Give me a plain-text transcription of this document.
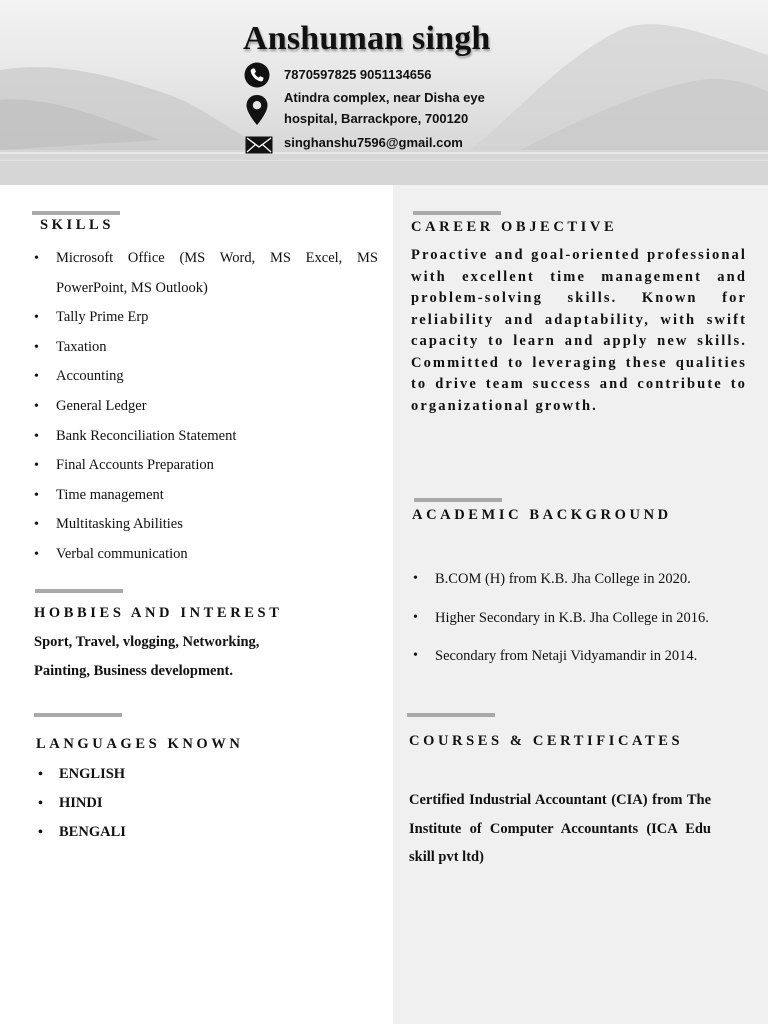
Anshuman singh
7870597825 9051134656
Atindra complex, near Disha eye
hospital, Barrackpore, 700120
singhanshu7596@gmail.com
SKILLS
• Microsoft Office (MS Word, MS Excel, MS PowerPoint, MS Outlook)
• Tally Prime Erp
• Taxation
• Accounting
• General Ledger
• Bank Reconciliation Statement
• Final Accounts Preparation
• Time management
• Multitasking Abilities
• Verbal communication
HOBBIES AND INTEREST
Sport, Travel, vlogging, Networking, Painting, Business development.
LANGUAGES KNOWN
• ENGLISH
• HINDI
• BENGALI
CAREER OBJECTIVE
Proactive and goal-oriented professional with excellent time management and problem-solving skills. Known for reliability and adaptability, with swift capacity to learn and apply new skills. Committed to leveraging these qualities to drive team success and contribute to organizational growth.
ACADEMIC BACKGROUND
• B.COM (H) from K.B. Jha College in 2020.
• Higher Secondary in K.B. Jha College in 2016.
• Secondary from Netaji Vidyamandir in 2014.
COURSES & CERTIFICATES
Certified Industrial Accountant (CIA) from The Institute of Computer Accountants (ICA Edu skill pvt ltd)
